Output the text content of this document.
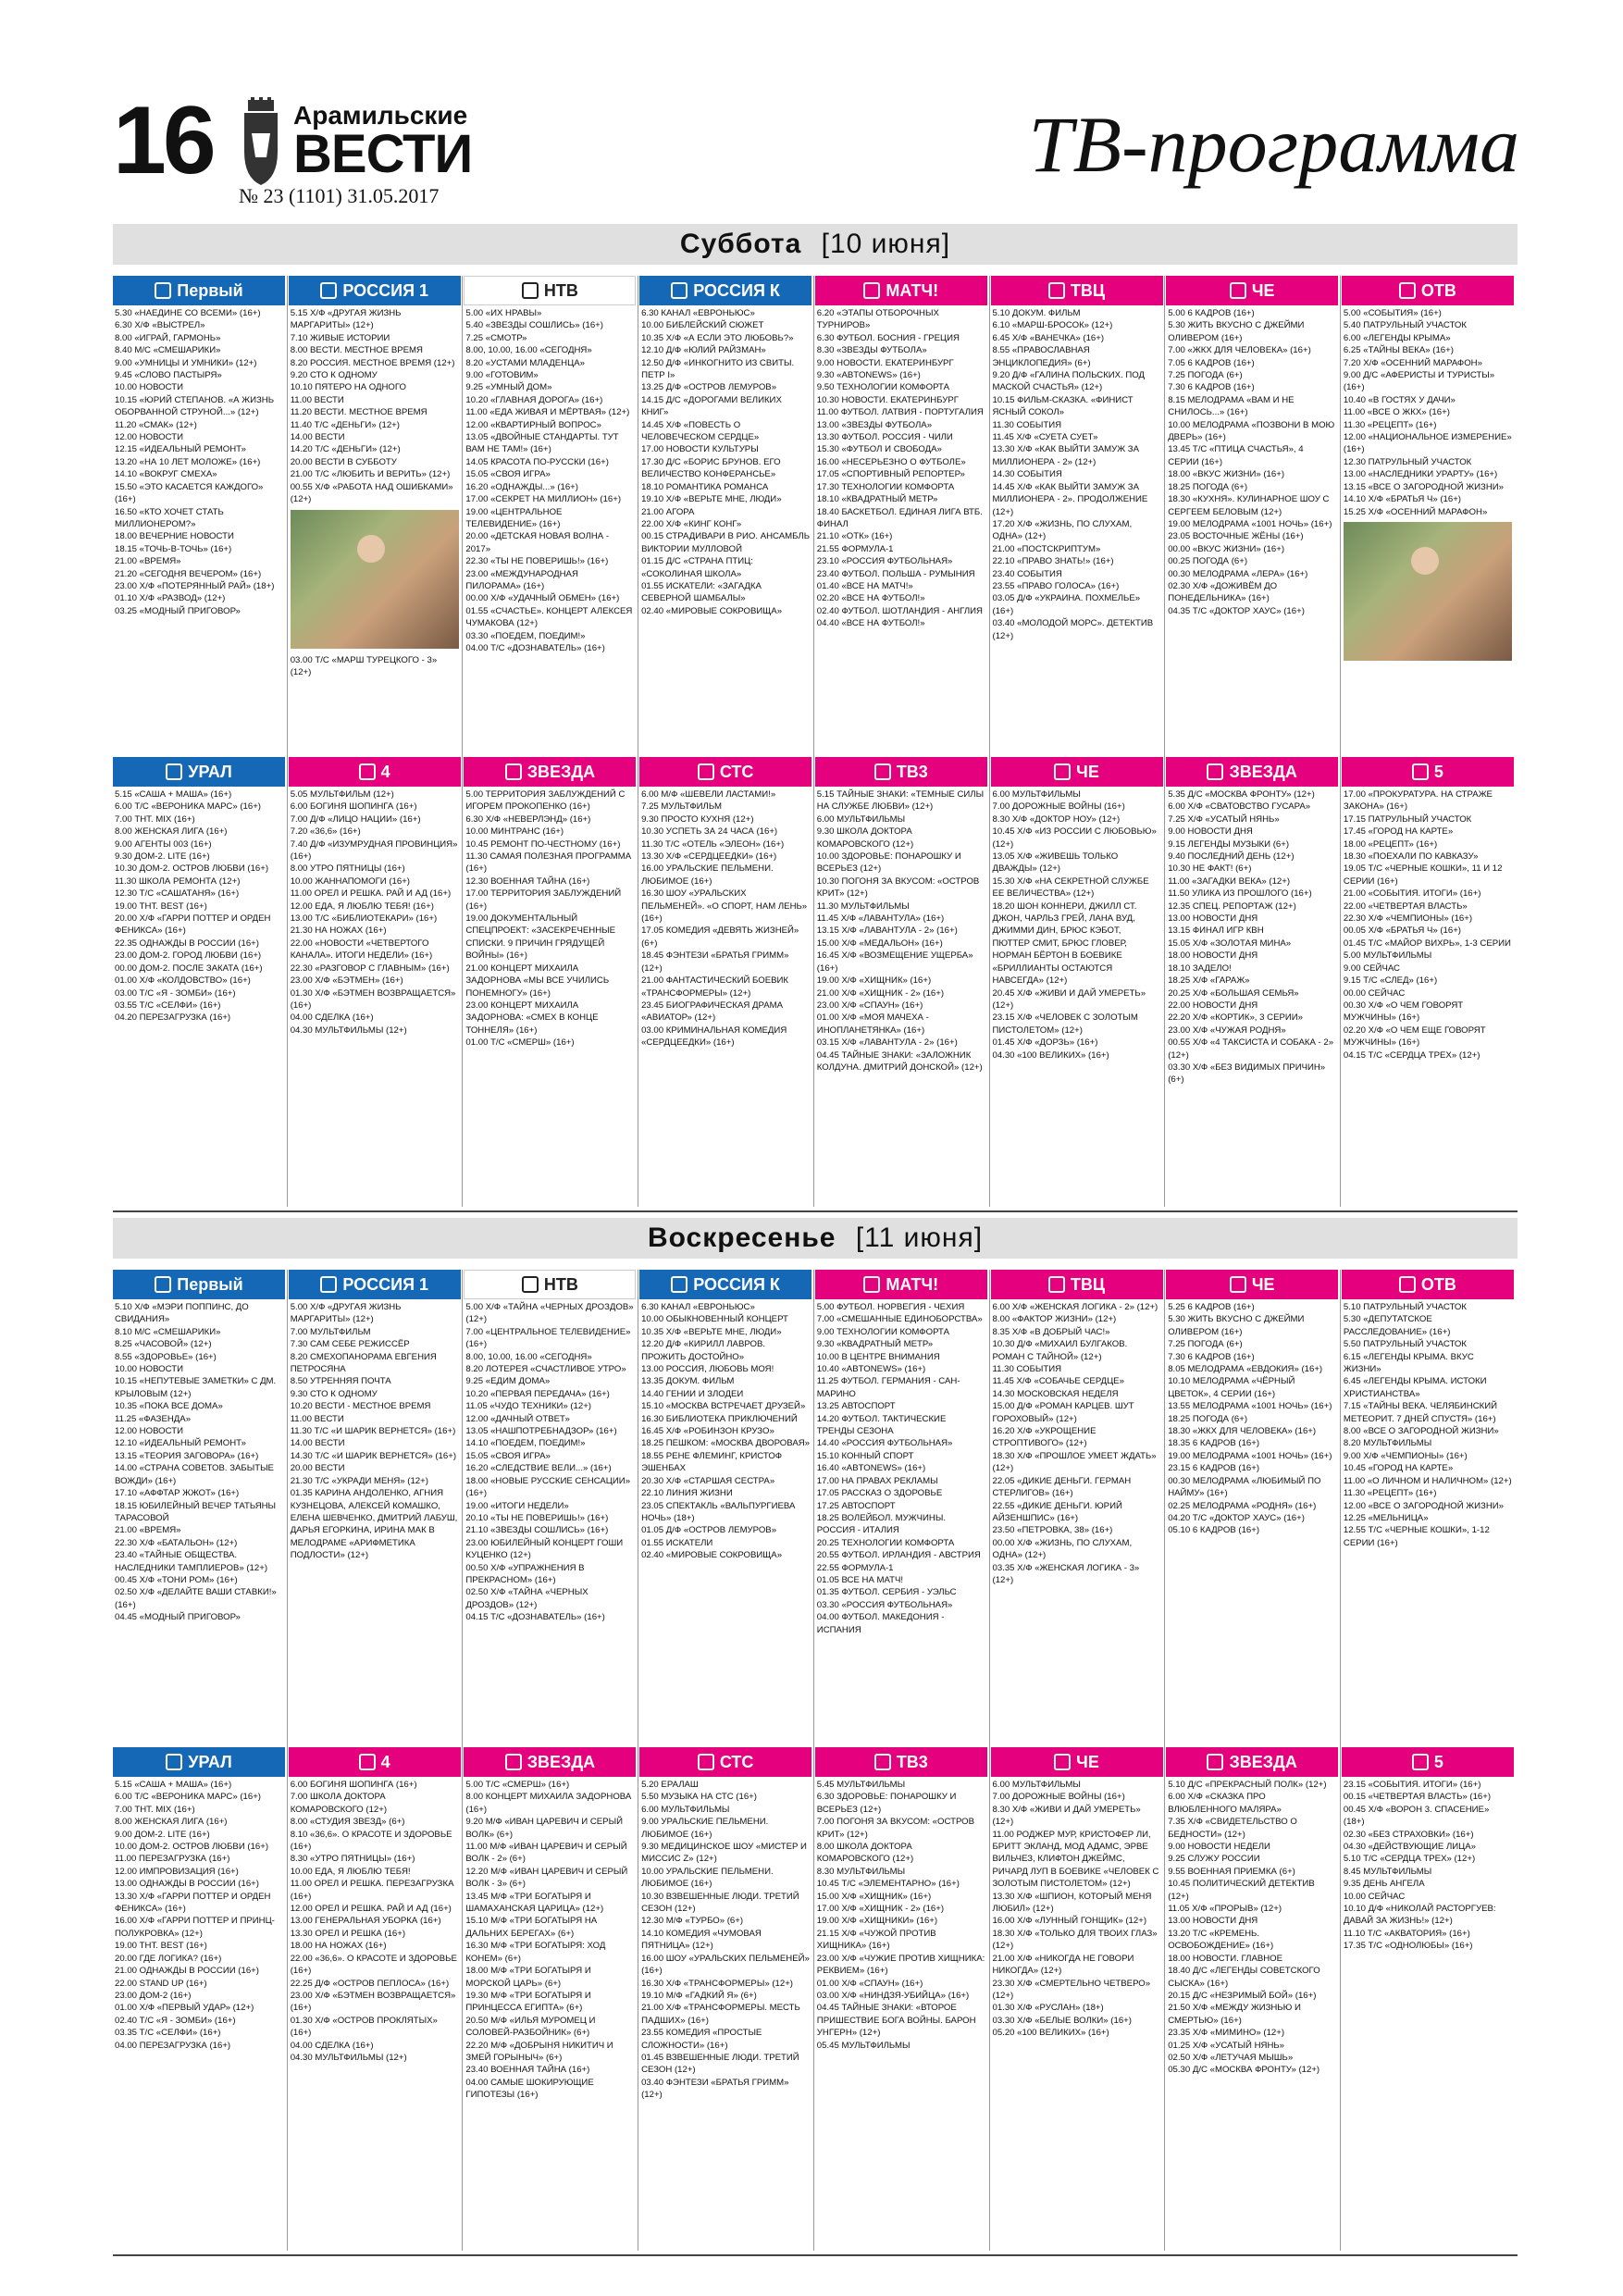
16	Арамильские
ВЕСТИ
№ 23 (1101) 31.05.2017
ТВ-программа
Суббота [10 июня]
Первый
5.30 «НАЕДИНЕ СО ВСЕМИ» (16+)
6.30 Х/Ф «ВЫСТРЕЛ»
8.00 «ИГРАЙ, ГАРМОНЬ»
8.40 М/С «СМЕШАРИКИ»
9.00 «УМНИЦЫ И УМНИКИ» (12+)
9.45 «СЛОВО ПАСТЫРЯ»
10.00 НОВОСТИ
10.15 «ЮРИЙ СТЕПАНОВ. «А ЖИЗНЬ ОБОРВАННОЙ СТРУНОЙ...» (12+)
11.20 «СМАК» (12+)
12.00 НОВОСТИ
12.15 «ИДЕАЛЬНЫЙ РЕМОНТ»
13.20 «НА 10 ЛЕТ МОЛОЖЕ» (16+)
14.10 «ВОКРУГ СМЕХА»
15.50 «ЭТО КАСАЕТСЯ КАЖДОГО» (16+)
16.50 «КТО ХОЧЕТ СТАТЬ МИЛЛИОНЕРОМ?»
18.00 ВЕЧЕРНИЕ НОВОСТИ
18.15 «ТОЧЬ-В-ТОЧЬ» (16+)
21.00 «ВРЕМЯ»
21.20 «СЕГОДНЯ ВЕЧЕРОМ» (16+)
23.00 Х/Ф «ПОТЕРЯННЫЙ РАЙ» (18+)
01.10 Х/Ф «РАЗВОД» (12+)
03.25 «МОДНЫЙ ПРИГОВОР»
УРАЛ
5.15 «САША + МАША» (16+)
6.00 Т/С «ВЕРОНИКА МАРС» (16+)
7.00 ТНТ. MIX (16+)
8.00 ЖЕНСКАЯ ЛИГА (16+)
9.00 АГЕНТЫ 003 (16+)
9.30 ДОМ-2. LITE (16+)
10.30 ДОМ-2. ОСТРОВ ЛЮБВИ (16+)
11.30 ШКОЛА РЕМОНТА (12+)
12.30 Т/С «САШАТАНЯ» (16+)
19.00 ТНТ. BEST (16+)
20.00 Х/Ф «ГАРРИ ПОТТЕР И ОРДЕН ФЕНИКСА» (16+)
22.35 ОДНАЖДЫ В РОССИИ (16+)
23.00 ДОМ-2. ГОРОД ЛЮБВИ (16+)
00.00 ДОМ-2. ПОСЛЕ ЗАКАТА (16+)
01.00 Х/Ф «КОЛДОВСТВО» (16+)
03.00 Т/С «Я - ЗОМБИ» (16+)
03.55 Т/С «СЕЛФИ» (16+)
04.20 ПЕРЕЗАГРУЗКА (16+)
РОССИЯ 1
5.15 Х/Ф «ДРУГАЯ ЖИЗНЬ МАРГАРИТЫ» (12+)
7.10 ЖИВЫЕ ИСТОРИИ
8.00 ВЕСТИ. МЕСТНОЕ ВРЕМЯ
8.20 РОССИЯ. МЕСТНОЕ ВРЕМЯ (12+)
9.20 СТО К ОДНОМУ
10.10 ПЯТЕРО НА ОДНОГО
11.00 ВЕСТИ
11.20 ВЕСТИ. МЕСТНОЕ ВРЕМЯ
11.40 Т/С «ДЕНЬГИ» (12+)
14.00 ВЕСТИ
14.20 Т/С «ДЕНЬГИ» (12+)
20.00 ВЕСТИ В СУББОТУ
21.00 Т/С «ЛЮБИТЬ И ВЕРИТЬ» (12+)
00.55 Х/Ф «РАБОТА НАД ОШИБКАМИ» (12+)
03.00 Т/С «МАРШ ТУРЕЦКОГО - 3» (12+)
4
5.05 МУЛЬТФИЛЬМ (12+)
6.00 БОГИНЯ ШОПИНГА (16+)
7.00 Д/Ф «ЛИЦО НАЦИИ» (16+)
7.20 «36,6» (16+)
7.40 Д/Ф «ИЗУМРУДНАЯ ПРОВИНЦИЯ» (16+)
8.00 УТРО ПЯТНИЦЫ (16+)
10.00 ЖАННАПОМОГИ (16+)
11.00 ОРЕЛ И РЕШКА. РАЙ И АД (16+)
12.00 ЕДА, Я ЛЮБЛЮ ТЕБЯ! (16+)
13.00 Т/С «БИБЛИОТЕКАРИ» (16+)
21.30 НА НОЖАХ (16+)
22.00 «НОВОСТИ «ЧЕТВЕРТОГО КАНАЛА». ИТОГИ НЕДЕЛИ» (16+)
22.30 «РАЗГОВОР С ГЛАВНЫМ» (16+)
23.00 Х/Ф «БЭТМЕН» (16+)
01.30 Х/Ф «БЭТМЕН ВОЗВРАЩАЕТСЯ» (16+)
04.00 СДЕЛКА (16+)
04.30 МУЛЬТФИЛЬМЫ (12+)
НТВ
5.00 «ИХ НРАВЫ»
5.40 «ЗВЕЗДЫ СОШЛИСЬ» (16+)
7.25 «СМОТР»
8.00, 10.00, 16.00 «СЕГОДНЯ»
8.20 «УСТАМИ МЛАДЕНЦА»
9.00 «ГОТОВИМ»
9.25 «УМНЫЙ ДОМ»
10.20 «ГЛАВНАЯ ДОРОГА» (16+)
11.00 «ЕДА ЖИВАЯ И МЁРТВАЯ» (12+)
12.00 «КВАРТИРНЫЙ ВОПРОС»
13.05 «ДВОЙНЫЕ СТАНДАРТЫ. ТУТ ВАМ НЕ ТАМ!» (16+)
14.05 КРАСОТА ПО-РУССКИ (16+)
15.05 «СВОЯ ИГРА»
16.20 «ОДНАЖДЫ...» (16+)
17.00 «СЕКРЕТ НА МИЛЛИОН» (16+)
19.00 «ЦЕНТРАЛЬНОЕ ТЕЛЕВИДЕНИЕ» (16+)
20.00 «ДЕТСКАЯ НОВАЯ ВОЛНА - 2017»
22.30 «ТЫ НЕ ПОВЕРИШЬ!» (16+)
23.00 «МЕЖДУНАРОДНАЯ ПИЛОРАМА» (16+)
00.00 Х/Ф «УДАЧНЫЙ ОБМЕН» (16+)
01.55 «СЧАСТЬЕ». КОНЦЕРТ АЛЕКСЕЯ ЧУМАКОВА (12+)
03.30 «ПОЕДЕМ, ПОЕДИМ!»
04.00 Т/С «ДОЗНАВАТЕЛЬ» (16+)
ЗВЕЗДА
5.00 ТЕРРИТОРИЯ ЗАБЛУЖДЕНИЙ С ИГОРЕМ ПРОКОПЕНКО (16+)
6.30 Х/Ф «НЕВЕРЛЭНД» (16+)
10.00 МИНТРАНС (16+)
10.45 РЕМОНТ ПО-ЧЕСТНОМУ (16+)
11.30 САМАЯ ПОЛЕЗНАЯ ПРОГРАММА (16+)
12.30 ВОЕННАЯ ТАЙНА (16+)
17.00 ТЕРРИТОРИЯ ЗАБЛУЖДЕНИЙ (16+)
19.00 ДОКУМЕНТАЛЬНЫЙ СПЕЦПРОЕКТ: «ЗАСЕКРЕЧЕННЫЕ СПИСКИ. 9 ПРИЧИН ГРЯДУЩЕЙ ВОЙНЫ» (16+)
21.00 КОНЦЕРТ МИХАИЛА ЗАДОРНОВА «МЫ ВСЕ УЧИЛИСЬ ПОНЕМНОГУ» (16+)
23.00 КОНЦЕРТ МИХАИЛА ЗАДОРНОВА: «СМЕХ В КОНЦЕ ТОННЕЛЯ» (16+)
01.00 Т/С «СМЕРШ» (16+)
РОССИЯ К
6.30 КАНАЛ «ЕВРОНЬЮС»
10.00 БИБЛЕЙСКИЙ СЮЖЕТ
10.35 Х/Ф «А ЕСЛИ ЭТО ЛЮБОВЬ?»
12.10 Д/Ф «ЮЛИЙ РАЙЗМАН»
12.50 Д/Ф «ИНКОГНИТО ИЗ СВИТЫ. ПЕТР I»
13.25 Д/Ф «ОСТРОВ ЛЕМУРОВ»
14.15 Д/С «ДОРОГАМИ ВЕЛИКИХ КНИГ»
14.45 Х/Ф «ПОВЕСТЬ О ЧЕЛОВЕЧЕСКОМ СЕРДЦЕ»
17.00 НОВОСТИ КУЛЬТУРЫ
17.30 Д/С «БОРИС БРУНОВ. ЕГО ВЕЛИЧЕСТВО КОНФЕРАНСЬЕ»
18.10 РОМАНТИКА РОМАНСА
19.10 Х/Ф «ВЕРЬТЕ МНЕ, ЛЮДИ»
21.00 АГОРА
22.00 Х/Ф «КИНГ КОНГ»
00.15 СТРАДИВАРИ В РИО. АНСАМБЛЬ ВИКТОРИИ МУЛЛОВОЙ
01.15 Д/С «СТРАНА ПТИЦ: «СОКОЛИНАЯ ШКОЛА»
01.55 ИСКАТЕЛИ: «ЗАГАДКА СЕВЕРНОЙ ШАМБАЛЫ»
02.40 «МИРОВЫЕ СОКРОВИЩА»
СТС
6.00 М/Ф «ШЕВЕЛИ ЛАСТАМИ!»
7.25 МУЛЬТФИЛЬМ
9.30 ПРОСТО КУХНЯ (12+)
10.30 УСПЕТЬ ЗА 24 ЧАСА (16+)
11.30 Т/С «ОТЕЛЬ «ЭЛЕОН» (16+)
13.30 Х/Ф «СЕРДЦЕЕДКИ» (16+)
16.00 УРАЛЬСКИЕ ПЕЛЬМЕНИ. ЛЮБИМОЕ (16+)
16.30 ШОУ «УРАЛЬСКИХ ПЕЛЬМЕНЕЙ». «О СПОРТ, НАМ ЛЕНЬ» (16+)
17.05 КОМЕДИЯ «ДЕВЯТЬ ЖИЗНЕЙ» (6+)
18.45 ФЭНТЕЗИ «БРАТЬЯ ГРИММ» (12+)
21.00 ФАНТАСТИЧЕСКИЙ БОЕВИК «ТРАНСФОРМЕРЫ» (12+)
23.45 БИОГРАФИЧЕСКАЯ ДРАМА «АВИАТОР» (12+)
03.00 КРИМИНАЛЬНАЯ КОМЕДИЯ «СЕРДЦЕЕДКИ» (16+)
МАТЧ!
6.20 «ЭТАПЫ ОТБОРОЧНЫХ ТУРНИРОВ»
6.30 ФУТБОЛ. БОСНИЯ - ГРЕЦИЯ
8.30 «ЗВЕЗДЫ ФУТБОЛА»
9.00 НОВОСТИ. ЕКАТЕРИНБУРГ
9.30 «ABTONEWS» (16+)
9.50 ТЕХНОЛОГИИ КОМФОРТА
10.30 НОВОСТИ. ЕКАТЕРИНБУРГ
11.00 ФУТБОЛ. ЛАТВИЯ - ПОРТУГАЛИЯ
13.00 «ЗВЕЗДЫ ФУТБОЛА»
13.30 ФУТБОЛ. РОССИЯ - ЧИЛИ
15.30 «ФУТБОЛ И СВОБОДА»
16.00 «НЕСЕРЬЕЗНО О ФУТБОЛЕ»
17.05 «СПОРТИВНЫЙ РЕПОРТЕР»
17.30 ТЕХНОЛОГИИ КОМФОРТА
18.10 «КВАДРАТНЫЙ МЕТР»
18.40 БАСКЕТБОЛ. ЕДИНАЯ ЛИГА ВТБ. ФИНАЛ
21.10 «ОТК» (16+)
21.55 ФОРМУЛА-1
23.10 «РОССИЯ ФУТБОЛЬНАЯ»
23.40 ФУТБОЛ. ПОЛЬША - РУМЫНИЯ
01.40 «ВСЕ НА МАТЧ!»
02.20 «ВСЕ НА ФУТБОЛ!»
02.40 ФУТБОЛ. ШОТЛАНДИЯ - АНГЛИЯ
04.40 «ВСЕ НА ФУТБОЛ!»
ТВ3
5.15 ТАЙНЫЕ ЗНАКИ: «ТЕМНЫЕ СИЛЫ НА СЛУЖБЕ ЛЮБВИ» (12+)
6.00 МУЛЬТФИЛЬМЫ
9.30 ШКОЛА ДОКТОРА КОМАРОВСКОГО (12+)
10.00 ЗДОРОВЬЕ: ПОНАРОШКУ И ВСЕРЬЕЗ (12+)
10.30 ПОГОНЯ ЗА ВКУСОМ: «ОСТРОВ КРИТ» (12+)
11.30 МУЛЬТФИЛЬМЫ
11.45 Х/Ф «ЛАВАНТУЛА» (16+)
13.15 Х/Ф «ЛАВАНТУЛА - 2» (16+)
15.00 Х/Ф «МЕДАЛЬОН» (16+)
16.45 Х/Ф «ВОЗМЕЩЕНИЕ УЩЕРБА» (16+)
19.00 Х/Ф «ХИЩНИК» (16+)
21.00 Х/Ф «ХИЩНИК - 2» (16+)
23.00 Х/Ф «СПАУН» (16+)
01.00 Х/Ф «МОЯ МАЧЕХА - ИНОПЛАНЕТЯНКА» (16+)
03.15 Х/Ф «ЛАВАНТУЛА - 2» (16+)
04.45 ТАЙНЫЕ ЗНАКИ: «ЗАЛОЖНИК КОЛДУНА. ДМИТРИЙ ДОНСКОЙ» (12+)
ТВЦ
5.10 ДОКУМ. ФИЛЬМ
6.10 «МАРШ-БРОСОК» (12+)
6.45 Х/Ф «ВАНЕЧКА» (16+)
8.55 «ПРАВОСЛАВНАЯ ЭНЦИКЛОПЕДИЯ» (6+)
9.20 Д/Ф «ГАЛИНА ПОЛЬСКИХ. ПОД МАСКОЙ СЧАСТЬЯ» (12+)
10.15 ФИЛЬМ-СКАЗКА. «ФИНИСТ ЯСНЫЙ СОКОЛ»
11.30 СОБЫТИЯ
11.45 Х/Ф «СУЕТА СУЕТ»
13.30 Х/Ф «КАК ВЫЙТИ ЗАМУЖ ЗА МИЛЛИОНЕРА - 2» (12+)
14.30 СОБЫТИЯ
14.45 Х/Ф «КАК ВЫЙТИ ЗАМУЖ ЗА МИЛЛИОНЕРА - 2». ПРОДОЛЖЕНИЕ (12+)
17.20 Х/Ф «ЖИЗНЬ, ПО СЛУХАМ, ОДНА» (12+)
21.00 «ПОСТСКРИПТУМ»
22.10 «ПРАВО ЗНАТЬ!» (16+)
23.40 СОБЫТИЯ
23.55 «ПРАВО ГОЛОСА» (16+)
03.05 Д/Ф «УКРАИНА. ПОХМЕЛЬЕ» (16+)
03.40 «МОЛОДОЙ МОРС». ДЕТЕКТИВ (12+)
ЧЕ
6.00 МУЛЬТФИЛЬМЫ
7.00 ДОРОЖНЫЕ ВОЙНЫ (16+)
8.30 Х/Ф «ДОКТОР НОУ» (12+)
10.45 Х/Ф «ИЗ РОССИИ С ЛЮБОВЬЮ» (12+)
13.05 Х/Ф «ЖИВЕШЬ ТОЛЬКО ДВАЖДЫ» (12+)
15.30 Х/Ф «НА СЕКРЕТНОЙ СЛУЖБЕ ЕЕ ВЕЛИЧЕСТВА» (12+)
18.20 ШОН КОННЕРИ, ДЖИЛЛ СТ. ДЖОН, ЧАРЛЬЗ ГРЕЙ, ЛАНА ВУД, ДЖИММИ ДИН, БРЮС КЭБОТ, ПЮТТЕР СМИТ, БРЮС ГЛОВЕР, НОРМАН БЁРТОН В БОЕВИКЕ «БРИЛЛИАНТЫ ОСТАЮТСЯ НАВСЕГДА» (12+)
20.45 Х/Ф «ЖИВИ И ДАЙ УМЕРЕТЬ» (12+)
23.15 Х/Ф «ЧЕЛОВЕК С ЗОЛОТЫМ ПИСТОЛЕТОМ» (12+)
01.45 Х/Ф «ДОРЗЬ» (16+)
04.30 «100 ВЕЛИКИХ» (16+)
ЧЕ
5.00 6 КАДРОВ (16+)
5.30 ЖИТЬ ВКУСНО С ДЖЕЙМИ ОЛИВЕРОМ (16+)
7.00 «ЖКХ ДЛЯ ЧЕЛОВЕКА» (16+)
7.05 6 КАДРОВ (16+)
7.25 ПОГОДА (6+)
7.30 6 КАДРОВ (16+)
8.15 МЕЛОДРАМА «ВАМ И НЕ СНИЛОСЬ...» (16+)
10.00 МЕЛОДРАМА «ПОЗВОНИ В МОЮ ДВЕРЬ» (16+)
13.45 Т/С «ПТИЦА СЧАСТЬЯ», 4 СЕРИИ (16+)
18.00 «ВКУС ЖИЗНИ» (16+)
18.25 ПОГОДА (6+)
18.30 «КУХНЯ». КУЛИНАРНОЕ ШОУ С СЕРГЕЕМ БЕЛОВЫМ (12+)
19.00 МЕЛОДРАМА «1001 НОЧЬ» (16+)
23.05 ВОСТОЧНЫЕ ЖЁНЫ (16+)
00.00 «ВКУС ЖИЗНИ» (16+)
00.25 ПОГОДА (6+)
00.30 МЕЛОДРАМА «ЛЕРА» (16+)
02.30 Х/Ф «ДОЖИВЁМ ДО ПОНЕДЕЛЬНИКА» (16+)
04.35 Т/С «ДОКТОР ХАУС» (16+)
ЗВЕЗДА
5.35 Д/С «МОСКВА ФРОНТУ» (12+)
6.00 Х/Ф «СВАТОВСТВО ГУСАРА»
7.25 Х/Ф «УСАТЫЙ НЯНЬ»
9.00 НОВОСТИ ДНЯ
9.15 ЛЕГЕНДЫ МУЗЫКИ (6+)
9.40 ПОСЛЕДНИЙ ДЕНЬ (12+)
10.30 НЕ ФАКТ! (6+)
11.00 «ЗАГАДКИ ВЕКА» (12+)
11.50 УЛИКА ИЗ ПРОШЛОГО (16+)
12.35 СПЕЦ. РЕПОРТАЖ (12+)
13.00 НОВОСТИ ДНЯ
13.15 ФИНАЛ ИГР КВН
15.05 Х/Ф «ЗОЛОТАЯ МИНА»
18.00 НОВОСТИ ДНЯ
18.10 ЗАДЕЛО!
18.25 Х/Ф «ГАРАЖ»
20.25 Х/Ф «БОЛЬШАЯ СЕМЬЯ»
22.00 НОВОСТИ ДНЯ
22.20 Х/Ф «КОРТИК», 3 СЕРИИ»
23.00 Х/Ф «ЧУЖАЯ РОДНЯ»
00.55 Х/Ф «4 ТАКСИСТА И СОБАКА - 2» (12+)
03.30 Х/Ф «БЕЗ ВИДИМЫХ ПРИЧИН» (6+)
ОТВ
5.00 «СОБЫТИЯ» (16+)
5.40 ПАТРУЛЬНЫЙ УЧАСТОК
6.00 «ЛЕГЕНДЫ КРЫМА»
6.25 «ТАЙНЫ ВЕКА» (16+)
7.20 Х/Ф «ОСЕННИЙ МАРАФОН»
9.00 Д/С «АФЕРИСТЫ И ТУРИСТЫ» (16+)
10.40 «В ГОСТЯХ У ДАЧИ»
11.00 «ВСЕ О ЖКХ» (16+)
11.30 «РЕЦЕПТ» (16+)
12.00 «НАЦИОНАЛЬНОЕ ИЗМЕРЕНИЕ» (16+)
12.30 ПАТРУЛЬНЫЙ УЧАСТОК
13.00 «НАСЛЕДНИКИ УРАРТУ» (16+)
13.15 «ВСЕ О ЗАГОРОДНОЙ ЖИЗНИ»
14.10 Х/Ф «БРАТЬЯ Ч» (16+)
15.25 Х/Ф «ОСЕННИЙ МАРАФОН»
5
17.00 «ПРОКУРАТУРА. НА СТРАЖЕ ЗАКОНА» (16+)
17.15 ПАТРУЛЬНЫЙ УЧАСТОК
17.45 «ГОРОД НА КАРТЕ»
18.00 «РЕЦЕПТ» (16+)
18.30 «ПОЕХАЛИ ПО КАВКАЗУ»
19.05 Т/С «ЧЕРНЫЕ КОШКИ», 11 И 12 СЕРИИ (16+)
21.00 «СОБЫТИЯ. ИТОГИ» (16+)
22.00 «ЧЕТВЕРТАЯ ВЛАСТЬ»
22.30 Х/Ф «ЧЕМПИОНЫ» (16+)
00.05 Х/Ф «БРАТЬЯ Ч» (16+)
01.45 Т/С «МАЙОР ВИХРЬ», 1-3 СЕРИИ
5.00 МУЛЬТФИЛЬМЫ
9.00 СЕЙЧАС
9.15 Т/С «СЛЕД» (16+)
00.00 СЕЙЧАС
00.30 Х/Ф «О ЧЕМ ГОВОРЯТ МУЖЧИНЫ» (16+)
02.20 Х/Ф «О ЧЕМ ЕЩЕ ГОВОРЯТ МУЖЧИНЫ» (16+)
04.15 Т/С «СЕРДЦА ТРЕХ» (12+)
Воскресенье [11 июня]
Первый
5.10 Х/Ф «МЭРИ ПОППИНС, ДО СВИДАНИЯ»
8.10 М/С «СМЕШАРИКИ»
8.25 «ЧАСОВОЙ» (12+)
8.55 «ЗДОРОВЬЕ» (16+)
10.00 НОВОСТИ
10.15 «НЕПУТЕВЫЕ ЗАМЕТКИ» С ДМ. КРЫЛОВЫМ (12+)
10.35 «ПОКА ВСЕ ДОМА»
11.25 «ФАЗЕНДА»
12.00 НОВОСТИ
12.10 «ИДЕАЛЬНЫЙ РЕМОНТ»
13.15 «ТЕОРИЯ ЗАГОВОРА» (16+)
14.00 «СТРАНА СОВЕТОВ. ЗАБЫТЫЕ ВОЖДИ» (16+)
17.10 «АФФТАР ЖЖОТ» (16+)
18.15 ЮБИЛЕЙНЫЙ ВЕЧЕР ТАТЬЯНЫ ТАРАСОВОЙ
21.00 «ВРЕМЯ»
22.30 Х/Ф «БАТАЛЬОН» (12+)
23.40 «ТАЙНЫЕ ОБЩЕСТВА. НАСЛЕДНИКИ ТАМПЛИЕРОВ» (12+)
00.45 Х/Ф «ТОНИ РОМ» (16+)
02.50 Х/Ф «ДЕЛАЙТЕ ВАШИ СТАВКИ!» (16+)
04.45 «МОДНЫЙ ПРИГОВОР»
УРАЛ
5.15 «САША + МАША» (16+)
6.00 Т/С «ВЕРОНИКА МАРС» (16+)
7.00 ТНТ. MIX (16+)
8.00 ЖЕНСКАЯ ЛИГА (16+)
9.00 ДОМ-2. LITE (16+)
10.00 ДОМ-2. ОСТРОВ ЛЮБВИ (16+)
11.00 ПЕРЕЗАГРУЗКА (16+)
12.00 ИМПРОВИЗАЦИЯ (16+)
13.00 ОДНАЖДЫ В РОССИИ (16+)
13.30 Х/Ф «ГАРРИ ПОТТЕР И ОРДЕН ФЕНИКСА» (16+)
16.00 Х/Ф «ГАРРИ ПОТТЕР И ПРИНЦ-ПОЛУКРОВКА» (12+)
19.00 ТНТ. BEST (16+)
20.00 ГДЕ ЛОГИКА? (16+)
21.00 ОДНАЖДЫ В РОССИИ (16+)
22.00 STAND UP (16+)
23.00 ДОМ-2 (16+)
01.00 Х/Ф «ПЕРВЫЙ УДАР» (12+)
02.40 Т/С «Я - ЗОМБИ» (16+)
03.35 Т/С «СЕЛФИ» (16+)
04.00 ПЕРЕЗАГРУЗКА (16+)
РОССИЯ 1
5.00 Х/Ф «ДРУГАЯ ЖИЗНЬ МАРГАРИТЫ» (12+)
7.00 МУЛЬТФИЛЬМ
7.30 САМ СЕБЕ РЕЖИССЁР
8.20 СМЕХОПАНОРАМА ЕВГЕНИЯ ПЕТРОСЯНА
8.50 УТРЕННЯЯ ПОЧТА
9.30 СТО К ОДНОМУ
10.20 ВЕСТИ - МЕСТНОЕ ВРЕМЯ
11.00 ВЕСТИ
11.30 Т/С «И ШАРИК ВЕРНЕТСЯ» (16+)
14.00 ВЕСТИ
14.30 Т/С «И ШАРИК ВЕРНЕТСЯ» (16+)
20.00 ВЕСТИ
21.30 Т/С «УКРАДИ МЕНЯ» (12+)
01.35 КАРИНА АНДОЛЕНКО, АГНИЯ КУЗНЕЦОВА, АЛЕКСЕЙ КОМАШКО, ЕЛЕНА ШЕВЧЕНКО, ДМИТРИЙ ЛАБУШ, ДАРЬЯ ЕГОРКИНА, ИРИНА МАК В МЕЛОДРАМЕ «АРИФМЕТИКА ПОДЛОСТИ» (12+)
4
6.00 БОГИНЯ ШОПИНГА (16+)
7.00 ШКОЛА ДОКТОРА КОМАРОВСКОГО (12+)
8.00 «СТУДИЯ ЗВЕЗД» (6+)
8.10 «36,6». О КРАСОТЕ И ЗДОРОВЬЕ (16+)
8.30 «УТРО ПЯТНИЦЫ» (16+)
10.00 ЕДА, Я ЛЮБЛЮ ТЕБЯ!
11.00 ОРЕЛ И РЕШКА. ПЕРЕЗАГРУЗКА (16+)
12.00 ОРЕЛ И РЕШКА. РАЙ И АД (16+)
13.00 ГЕНЕРАЛЬНАЯ УБОРКА (16+)
13.30 ОРЕЛ И РЕШКА (16+)
18.00 НА НОЖАХ (16+)
22.00 «36,6». О КРАСОТЕ И ЗДОРОВЬЕ (16+)
22.25 Д/Ф «ОСТРОВ ПЕПЛОСА» (16+)
23.00 Х/Ф «БЭТМЕН ВОЗВРАЩАЕТСЯ» (16+)
01.30 Х/Ф «ОСТРОВ ПРОКЛЯТЫХ» (16+)
04.00 СДЕЛКА (16+)
04.30 МУЛЬТФИЛЬМЫ (12+)
НТВ
5.00 Х/Ф «ТАЙНА «ЧЕРНЫХ ДРОЗДОВ» (12+)
7.00 «ЦЕНТРАЛЬНОЕ ТЕЛЕВИДЕНИЕ» (16+)
8.00, 10.00, 16.00 «СЕГОДНЯ»
8.20 ЛОТЕРЕЯ «СЧАСТЛИВОЕ УТРО»
9.25 «ЕДИМ ДОМА»
10.20 «ПЕРВАЯ ПЕРЕДАЧА» (16+)
11.05 «ЧУДО ТЕХНИКИ» (12+)
12.00 «ДАЧНЫЙ ОТВЕТ»
13.05 «НАШПОТРЕБНАДЗОР» (16+)
14.10 «ПОЕДЕМ, ПОЕДИМ!»
15.05 «СВОЯ ИГРА»
16.20 «СЛЕДСТВИЕ ВЕЛИ...» (16+)
18.00 «НОВЫЕ РУССКИЕ СЕНСАЦИИ» (16+)
19.00 «ИТОГИ НЕДЕЛИ»
20.10 «ТЫ НЕ ПОВЕРИШЬ!» (16+)
21.10 «ЗВЕЗДЫ СОШЛИСЬ» (16+)
23.00 ЮБИЛЕЙНЫЙ КОНЦЕРТ ГОШИ КУЦЕНКО (12+)
00.50 Х/Ф «УПРАЖНЕНИЯ В ПРЕКРАСНОМ» (16+)
02.50 Х/Ф «ТАЙНА «ЧЕРНЫХ ДРОЗДОВ» (12+)
04.15 Т/С «ДОЗНАВАТЕЛЬ» (16+)
ЗВЕЗДА
5.00 Т/С «СМЕРШ» (16+)
8.00 КОНЦЕРТ МИХАИЛА ЗАДОРНОВА (16+)
9.20 М/Ф «ИВАН ЦАРЕВИЧ И СЕРЫЙ ВОЛК» (6+)
11.00 М/Ф «ИВАН ЦАРЕВИЧ И СЕРЫЙ ВОЛК - 2» (6+)
12.20 М/Ф «ИВАН ЦАРЕВИЧ И СЕРЫЙ ВОЛК - 3» (6+)
13.45 М/Ф «ТРИ БОГАТЫРЯ И ШАМАХАНСКАЯ ЦАРИЦА» (12+)
15.10 М/Ф «ТРИ БОГАТЫРЯ НА ДАЛЬНИХ БЕРЕГАХ» (6+)
16.30 М/Ф «ТРИ БОГАТЫРЯ: ХОД КОНЕМ» (6+)
18.00 М/Ф «ТРИ БОГАТЫРЯ И МОРСКОЙ ЦАРЬ» (6+)
19.30 М/Ф «ТРИ БОГАТЫРЯ И ПРИНЦЕССА ЕГИПТА» (6+)
20.50 М/Ф «ИЛЬЯ МУРОМЕЦ И СОЛОВЕЙ-РАЗБОЙНИК» (6+)
22.20 М/Ф «ДОБРЫНЯ НИКИТИЧ И ЗМЕЙ ГОРЫНЫЧ» (6+)
23.40 ВОЕННАЯ ТАЙНА (16+)
04.00 САМЫЕ ШОКИРУЮЩИЕ ГИПОТЕЗЫ (16+)
РОССИЯ К
6.30 КАНАЛ «ЕВРОНЬЮС»
10.00 ОБЫКНОВЕННЫЙ КОНЦЕРТ
10.35 Х/Ф «ВЕРЬТЕ МНЕ, ЛЮДИ»
12.20 Д/Ф «КИРИЛЛ ЛАВРОВ. ПРОЖИТЬ ДОСТОЙНО»
13.00 РОССИЯ, ЛЮБОВЬ МОЯ!
13.35 ДОКУМ. ФИЛЬМ
14.40 ГЕНИИ И ЗЛОДЕИ
15.10 «МОСКВА ВСТРЕЧАЕТ ДРУЗЕЙ»
16.30 БИБЛИОТЕКА ПРИКЛЮЧЕНИЙ
16.45 Х/Ф «РОБИНЗОН КРУЗО»
18.25 ПЕШКОМ: «МОСКВА ДВОРОВАЯ»
18.55 РЕНЕ ФЛЕМИНГ, КРИСТОФ ЭШЕНБАХ
20.30 Х/Ф «СТАРШАЯ СЕСТРА»
22.10 ЛИНИЯ ЖИЗНИ
23.05 СПЕКТАКЛЬ «ВАЛЬПУРГИЕВА НОЧЬ» (18+)
01.05 Д/Ф «ОСТРОВ ЛЕМУРОВ»
01.55 ИСКАТЕЛИ
02.40 «МИРОВЫЕ СОКРОВИЩА»
СТС
5.20 ЕРАЛАШ
5.50 МУЗЫКА НА СТС (16+)
6.00 МУЛЬТФИЛЬМЫ
9.00 УРАЛЬСКИЕ ПЕЛЬМЕНИ. ЛЮБИМОЕ (16+)
9.30 МЕДИЦИНСКОЕ ШОУ «МИСТЕР И МИССИС Z» (12+)
10.00 УРАЛЬСКИЕ ПЕЛЬМЕНИ. ЛЮБИМОЕ (16+)
10.30 ВЗВЕШЕННЫЕ ЛЮДИ. ТРЕТИЙ СЕЗОН (12+)
12.30 М/Ф «ТУРБО» (6+)
14.10 КОМЕДИЯ «ЧУМОВАЯ ПЯТНИЦА» (12+)
16.00 ШОУ «УРАЛЬСКИХ ПЕЛЬМЕНЕЙ» (16+)
16.30 Х/Ф «ТРАНСФОРМЕРЫ» (12+)
19.10 М/Ф «ГАДКИЙ Я» (6+)
21.00 Х/Ф «ТРАНСФОРМЕРЫ. МЕСТЬ ПАДШИХ» (16+)
23.55 КОМЕДИЯ «ПРОСТЫЕ СЛОЖНОСТИ» (16+)
01.45 ВЗВЕШЕННЫЕ ЛЮДИ. ТРЕТИЙ СЕЗОН (12+)
03.40 ФЭНТЕЗИ «БРАТЬЯ ГРИММ» (12+)
МАТЧ!
5.00 ФУТБОЛ. НОРВЕГИЯ - ЧЕХИЯ
7.00 «СМЕШАННЫЕ ЕДИНОБОРСТВА»
9.00 ТЕХНОЛОГИИ КОМФОРТА
9.30 «КВАДРАТНЫЙ МЕТР»
10.00 В ЦЕНТРЕ ВНИМАНИЯ
10.40 «ABTONEWS» (16+)
11.25 ФУТБОЛ. ГЕРМАНИЯ - САН-МАРИНО
13.25 АВТОСПОРТ
14.20 ФУТБОЛ. ТАКТИЧЕСКИЕ ТРЕНДЫ СЕЗОНА
14.40 «РОССИЯ ФУТБОЛЬНАЯ»
15.10 КОННЫЙ СПОРТ
16.40 «ABTONEWS» (16+)
17.00 НА ПРАВАХ РЕКЛАМЫ
17.05 РАССКАЗ О ЗДОРОВЬЕ
17.25 АВТОСПОРТ
18.25 ВОЛЕЙБОЛ. МУЖЧИНЫ. РОССИЯ - ИТАЛИЯ
20.25 ТЕХНОЛОГИИ КОМФОРТА
20.55 ФУТБОЛ. ИРЛАНДИЯ - АВСТРИЯ
22.55 ФОРМУЛА-1
01.05 ВСЕ НА МАТЧ!
01.35 ФУТБОЛ. СЕРБИЯ - УЭЛЬС
03.30 «РОССИЯ ФУТБОЛЬНАЯ»
04.00 ФУТБОЛ. МАКЕДОНИЯ - ИСПАНИЯ
ТВ3
5.45 МУЛЬТФИЛЬМЫ
6.30 ЗДОРОВЬЕ: ПОНАРОШКУ И ВСЕРЬЕЗ (12+)
7.00 ПОГОНЯ ЗА ВКУСОМ: «ОСТРОВ КРИТ» (12+)
8.00 ШКОЛА ДОКТОРА КОМАРОВСКОГО (12+)
8.30 МУЛЬТФИЛЬМЫ
10.45 Т/С «ЭЛЕМЕНТАРНО» (16+)
15.00 Х/Ф «ХИЩНИК» (16+)
17.00 Х/Ф «ХИЩНИК - 2» (16+)
19.00 Х/Ф «ХИЩНИКИ» (16+)
21.15 Х/Ф «ЧУЖОЙ ПРОТИВ ХИЩНИКА» (16+)
23.00 Х/Ф «ЧУЖИЕ ПРОТИВ ХИЩНИКА: РЕКВИЕМ» (16+)
01.00 Х/Ф «СПАУН» (16+)
03.00 Х/Ф «НИНДЗЯ-УБИЙЦА» (16+)
04.45 ТАЙНЫЕ ЗНАКИ: «ВТОРОЕ ПРИШЕСТВИЕ БОГА ВОЙНЫ. БАРОН УНГЕРН» (12+)
05.45 МУЛЬТФИЛЬМЫ
ТВЦ
6.00 Х/Ф «ЖЕНСКАЯ ЛОГИКА - 2» (12+)
8.00 «ФАКТОР ЖИЗНИ» (12+)
8.35 Х/Ф «В ДОБРЫЙ ЧАС!»
10.30 Д/Ф «МИХАИЛ БУЛГАКОВ. РОМАН С ТАЙНОЙ» (12+)
11.30 СОБЫТИЯ
11.45 Х/Ф «СОБАЧЬЕ СЕРДЦЕ»
14.30 МОСКОВСКАЯ НЕДЕЛЯ
15.00 Д/Ф «РОМАН КАРЦЕВ. ШУТ ГОРОХОВЫЙ» (12+)
16.20 Х/Ф «УКРОЩЕНИЕ СТРОПТИВОГО» (12+)
18.30 Х/Ф «ПРОШЛОЕ УМЕЕТ ЖДАТЬ» (12+)
22.05 «ДИКИЕ ДЕНЬГИ. ГЕРМАН СТЕРЛИГОВ» (16+)
22.55 «ДИКИЕ ДЕНЬГИ. ЮРИЙ АЙЗЕНШПИС» (16+)
23.50 «ПЕТРОВКА, 38» (16+)
00.00 Х/Ф «ЖИЗНЬ, ПО СЛУХАМ, ОДНА» (12+)
03.35 Х/Ф «ЖЕНСКАЯ ЛОГИКА - 3» (12+)
ЧЕ
6.00 МУЛЬТФИЛЬМЫ
7.00 ДОРОЖНЫЕ ВОЙНЫ (16+)
8.30 Х/Ф «ЖИВИ И ДАЙ УМЕРЕТЬ» (12+)
11.00 РОДЖЕР МУР, КРИСТОФЕР ЛИ, БРИТТ ЭКЛАНД, МОД АДАМС, ЭРВЕ ВИЛЬЧЕЗ, КЛИФТОН ДЖЕЙМС, РИЧАРД ЛУП В БОЕВИКЕ «ЧЕЛОВЕК С ЗОЛОТЫМ ПИСТОЛЕТОМ» (12+)
13.30 Х/Ф «ШПИОН, КОТОРЫЙ МЕНЯ ЛЮБИЛ» (12+)
16.00 Х/Ф «ЛУННЫЙ ГОНЩИК» (12+)
18.30 Х/Ф «ТОЛЬКО ДЛЯ ТВОИХ ГЛАЗ» (12+)
21.00 Х/Ф «НИКОГДА НЕ ГОВОРИ НИКОГДА» (12+)
23.30 Х/Ф «СМЕРТЕЛЬНО ЧЕТВЕРО» (12+)
01.30 Х/Ф «РУСЛАН» (18+)
03.30 Х/Ф «БЕЛЫЕ ВОЛКИ» (16+)
05.20 «100 ВЕЛИКИХ» (16+)
ЧЕ
5.25 6 КАДРОВ (16+)
5.30 ЖИТЬ ВКУСНО С ДЖЕЙМИ ОЛИВЕРОМ (16+)
7.25 ПОГОДА (6+)
7.30 6 КАДРОВ (16+)
8.05 МЕЛОДРАМА «ЕВДОКИЯ» (16+)
10.10 МЕЛОДРАМА «ЧЁРНЫЙ ЦВЕТОК», 4 СЕРИИ (16+)
13.55 МЕЛОДРАМА «1001 НОЧЬ» (16+)
18.25 ПОГОДА (6+)
18.30 «ЖКХ ДЛЯ ЧЕЛОВЕКА» (16+)
18.35 6 КАДРОВ (16+)
19.00 МЕЛОДРАМА «1001 НОЧЬ» (16+)
23.15 6 КАДРОВ (16+)
00.30 МЕЛОДРАМА «ЛЮБИМЫЙ ПО НАЙМУ» (16+)
02.25 МЕЛОДРАМА «РОДНЯ» (16+)
04.20 Т/С «ДОКТОР ХАУС» (16+)
05.10 6 КАДРОВ (16+)
ЗВЕЗДА
5.10 Д/С «ПРЕКРАСНЫЙ ПОЛК» (12+)
6.00 Х/Ф «СКАЗКА ПРО ВЛЮБЛЕННОГО МАЛЯРА»
7.35 Х/Ф «СВИДЕТЕЛЬСТВО О БЕДНОСТИ» (12+)
9.00 НОВОСТИ НЕДЕЛИ
9.25 СЛУЖУ РОССИИ
9.55 ВОЕННАЯ ПРИЕМКА (6+)
10.45 ПОЛИТИЧЕСКИЙ ДЕТЕКТИВ (12+)
11.05 Х/Ф «ПРОРЫВ» (12+)
13.00 НОВОСТИ ДНЯ
13.20 Т/С «КРЕМЕНЬ. ОСВОБОЖДЕНИЕ» (16+)
18.00 НОВОСТИ. ГЛАВНОЕ
18.40 Д/С «ЛЕГЕНДЫ СОВЕТСКОГО СЫСКА» (16+)
20.15 Д/С «НЕЗРИМЫЙ БОЙ» (16+)
21.50 Х/Ф «МЕЖДУ ЖИЗНЬЮ И СМЕРТЬЮ» (16+)
23.35 Х/Ф «МИМИНО» (12+)
01.25 Х/Ф «УСАТЫЙ НЯНЬ»
02.50 Х/Ф «ЛЕТУЧАЯ МЫШЬ»
05.30 Д/С «МОСКВА ФРОНТУ» (12+)
ОТВ
5.10 ПАТРУЛЬНЫЙ УЧАСТОК
5.30 «ДЕПУТАТСКОЕ РАССЛЕДОВАНИЕ» (16+)
5.50 ПАТРУЛЬНЫЙ УЧАСТОК
6.15 «ЛЕГЕНДЫ КРЫМА. ВКУС ЖИЗНИ»
6.45 «ЛЕГЕНДЫ КРЫМА. ИСТОКИ ХРИСТИАНСТВА»
7.15 «ТАЙНЫ ВЕКА. ЧЕЛЯБИНСКИЙ МЕТЕОРИТ. 7 ДНЕЙ СПУСТЯ» (16+)
8.00 «ВСЕ О ЗАГОРОДНОЙ ЖИЗНИ»
8.20 МУЛЬТФИЛЬМЫ
9.00 Х/Ф «ЧЕМПИОНЫ» (16+)
10.45 «ГОРОД НА КАРТЕ»
11.00 «О ЛИЧНОМ И НАЛИЧНОМ» (12+)
11.30 «РЕЦЕПТ» (16+)
12.00 «ВСЕ О ЗАГОРОДНОЙ ЖИЗНИ»
12.25 «МЕЛЬНИЦА»
12.55 Т/С «ЧЕРНЫЕ КОШКИ», 1-12 СЕРИИ (16+)
5
23.15 «СОБЫТИЯ. ИТОГИ» (16+)
00.15 «ЧЕТВЕРТАЯ ВЛАСТЬ» (16+)
00.45 Х/Ф «ВОРОН 3. СПАСЕНИЕ» (18+)
02.30 «БЕЗ СТРАХОВКИ» (16+)
04.30 «ДЕЙСТВУЮЩИЕ ЛИЦА»
5.10 Т/С «СЕРДЦА ТРЕХ» (12+)
8.45 МУЛЬТФИЛЬМЫ
9.35 ДЕНЬ АНГЕЛА
10.00 СЕЙЧАС
10.10 Д/Ф «НИКОЛАЙ РАСТОРГУЕВ: ДАВАЙ ЗА ЖИЗНЬ!» (12+)
11.10 Т/С «АКВАТОРИЯ» (16+)
17.35 Т/С «ОДНОЛЮБЫ» (16+)
